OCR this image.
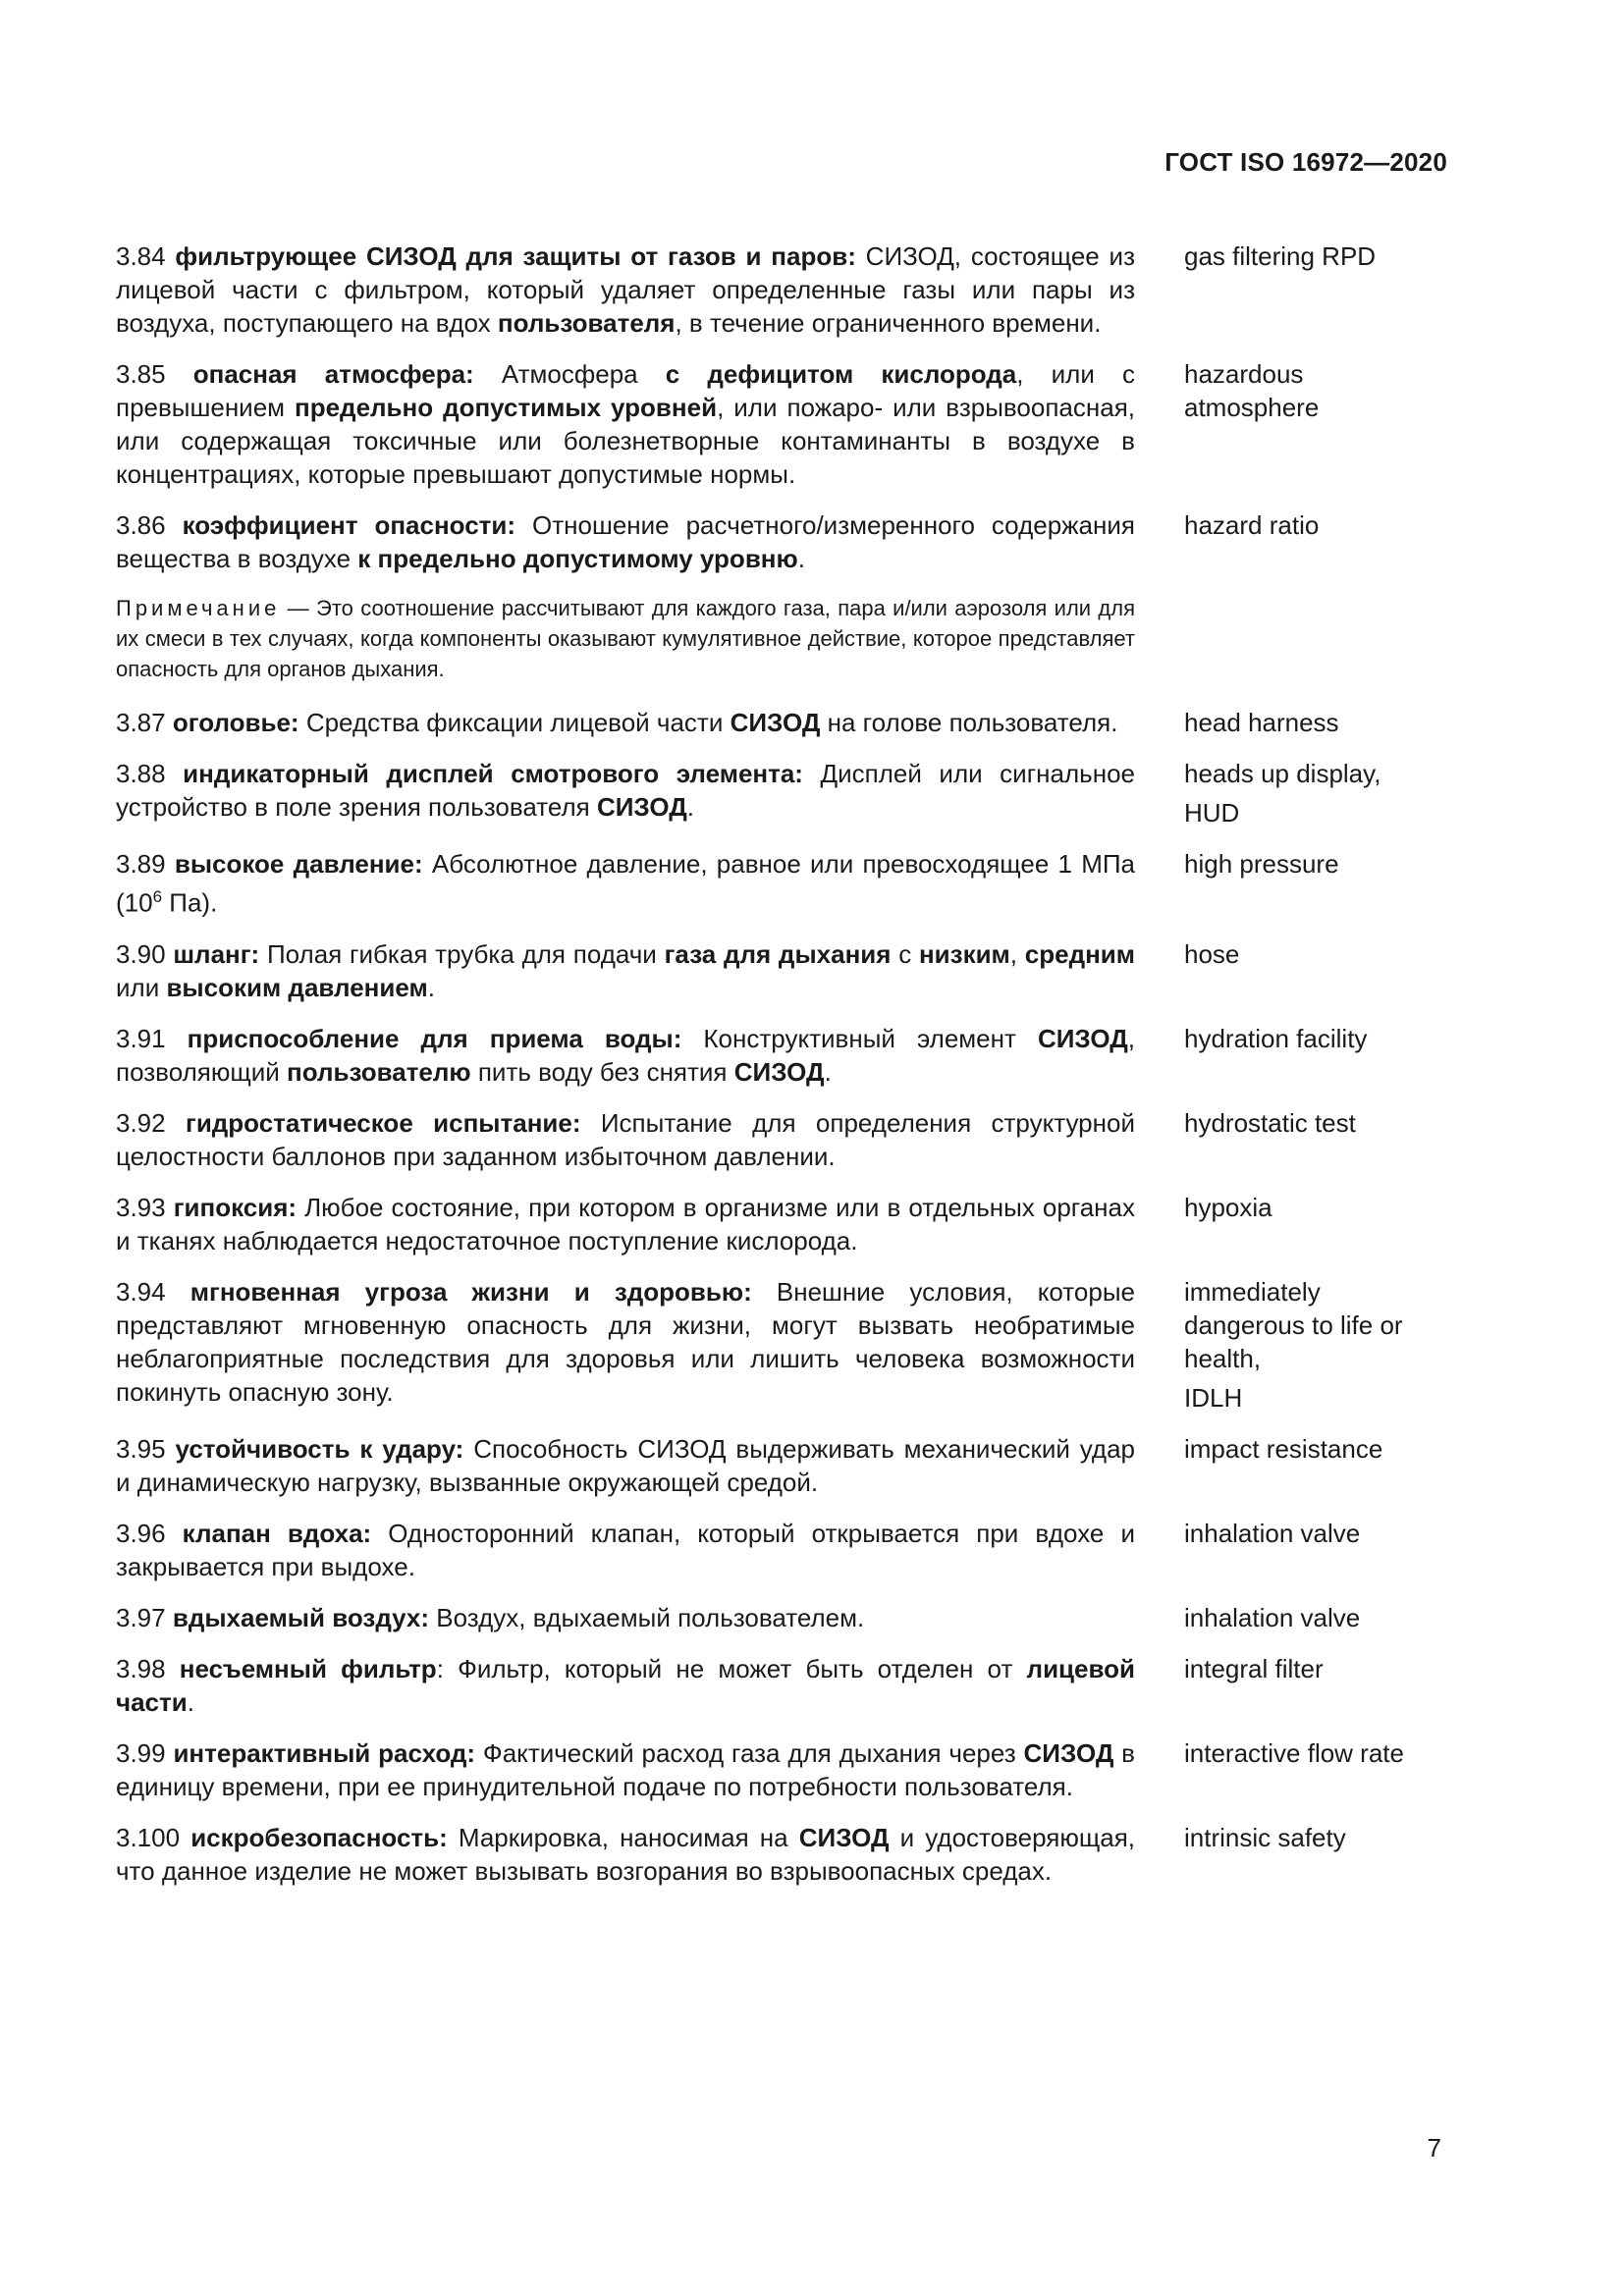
ГОСТ ISO 16972—2020
3.84 фильтрующее СИЗОД для защиты от газов и паров: СИЗОД, состоящее из лицевой части с фильтром, который удаляет определенные газы или пары из воздуха, поступающего на вдох пользователя, в течение ограниченного времени.
gas filtering RPD
3.85 опасная атмосфера: Атмосфера с дефицитом кислорода, или с превышением предельно допустимых уровней, или пожаро- или взрывоопасная, или содержащая токсичные или болезнетворные контаминанты в воздухе в концентрациях, которые превышают допустимые нормы.
hazardous
atmosphere
3.86 коэффициент опасности: Отношение расчетного/измеренного содержания вещества в воздухе к предельно допустимому уровню.
hazard ratio
Примечание — Это соотношение рассчитывают для каждого газа, пара и/или аэрозоля или для их смеси в тех случаях, когда компоненты оказывают кумулятивное действие, которое представляет опасность для органов дыхания.
3.87 оголовье: Средства фиксации лицевой части СИЗОД на голове пользователя.	head harness
3.88 индикаторный дисплей смотрового элемента: Дисплей или сигнальное устройство в поле зрения пользователя СИЗОД.
heads up display,
HUD
3.89 высокое давление: Абсолютное давление, равное или превосходящее 1 МПа ($10^6$ Па).
high pressure
3.90 шланг: Полая гибкая трубка для подачи газа для дыхания с низким, средним или высоким давлением.
hose
3.91 приспособление для приема воды: Конструктивный элемент СИЗОД, позволяющий пользователю пить воду без снятия СИЗОД.
hydration facility
3.92 гидростатическое испытание: Испытание для определения структурной целостности баллонов при заданном избыточном давлении.
hydrostatic test
3.93 гипоксия: Любое состояние, при котором в организме или в отдельных органах и тканях наблюдается недостаточное поступление кислорода.
hypoxia
3.94 мгновенная угроза жизни и здоровью: Внешние условия, которые представляют мгновенную опасность для жизни, могут вызвать необратимые неблагоприятные последствия для здоровья или лишить человека возможности покинуть опасную зону.
immediately
dangerous to life or
health,
IDLH
3.95 устойчивость к удару: Способность СИЗОД выдерживать механический удар и динамическую нагрузку, вызванные окружающей средой.
impact resistance
3.96 клапан вдоха: Односторонний клапан, который открывается при вдохе и закрывается при выдохе.
inhalation valve
3.97 вдыхаемый воздух: Воздух, вдыхаемый пользователем.	inhalation valve
3.98 несъемный фильтр: Фильтр, который не может быть отделен от лицевой части.
integral filter
3.99 интерактивный расход: Фактический расход газа для дыхания через СИЗОД в единицу времени, при ее принудительной подаче по потребности пользователя.
interactive flow rate
3.100 искробезопасность: Маркировка, наносимая на СИЗОД и удостоверяющая, что данное изделие не может вызывать возгорания во взрывоопасных средах.
intrinsic safety
7
